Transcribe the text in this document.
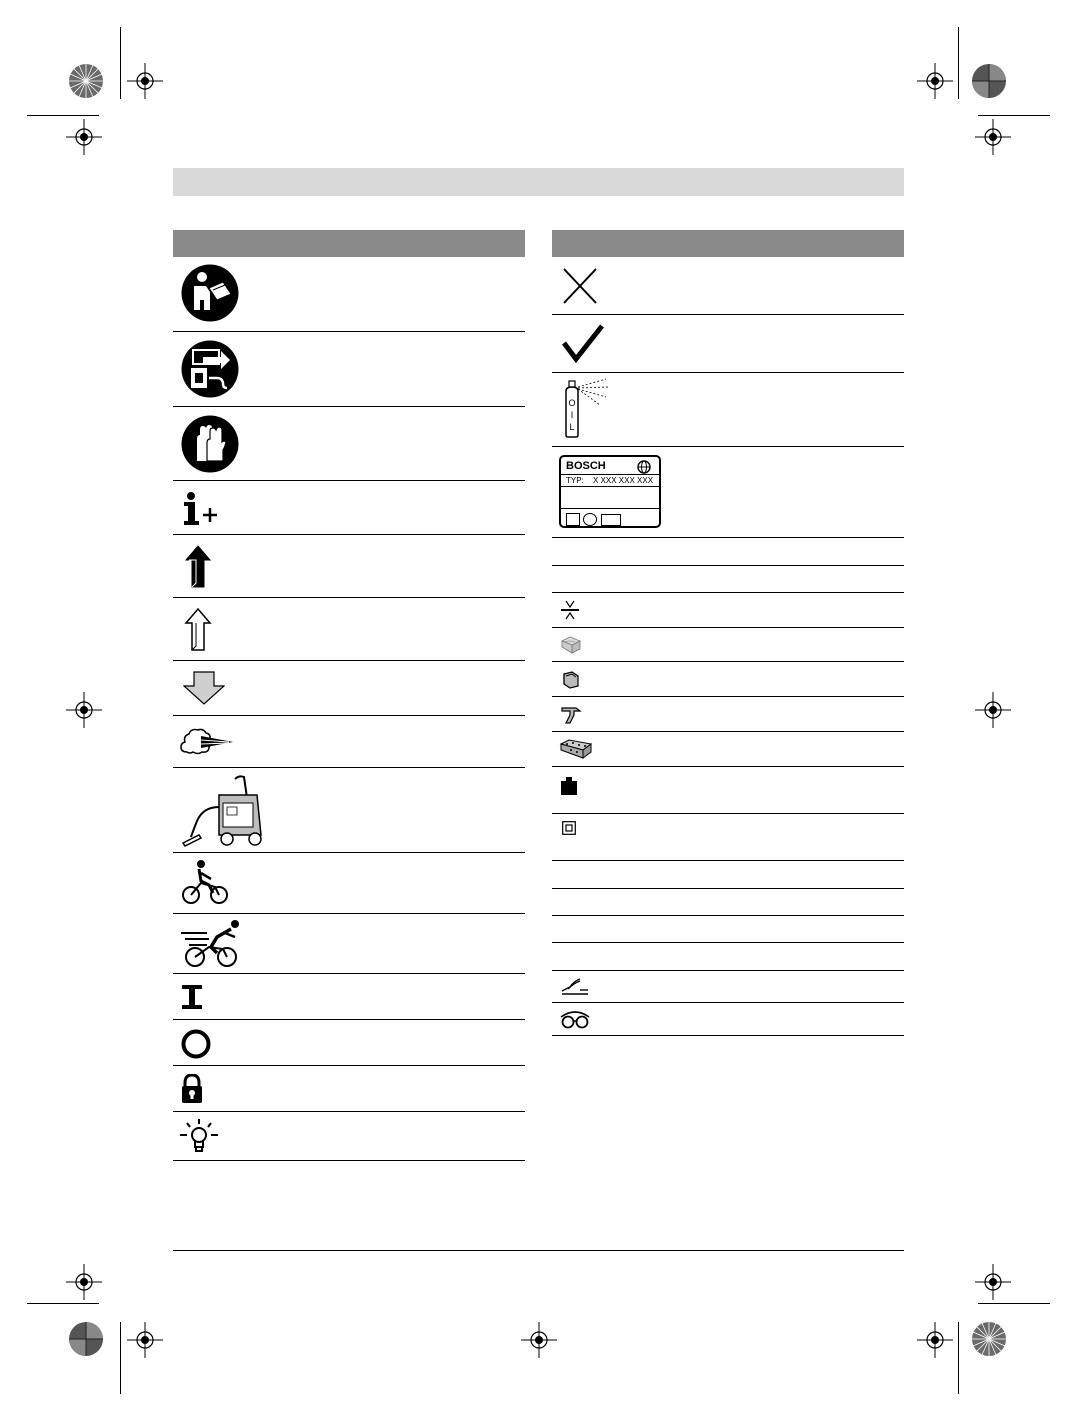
O
I
L
BOSCH
TYP: X XXX XXX XXX
